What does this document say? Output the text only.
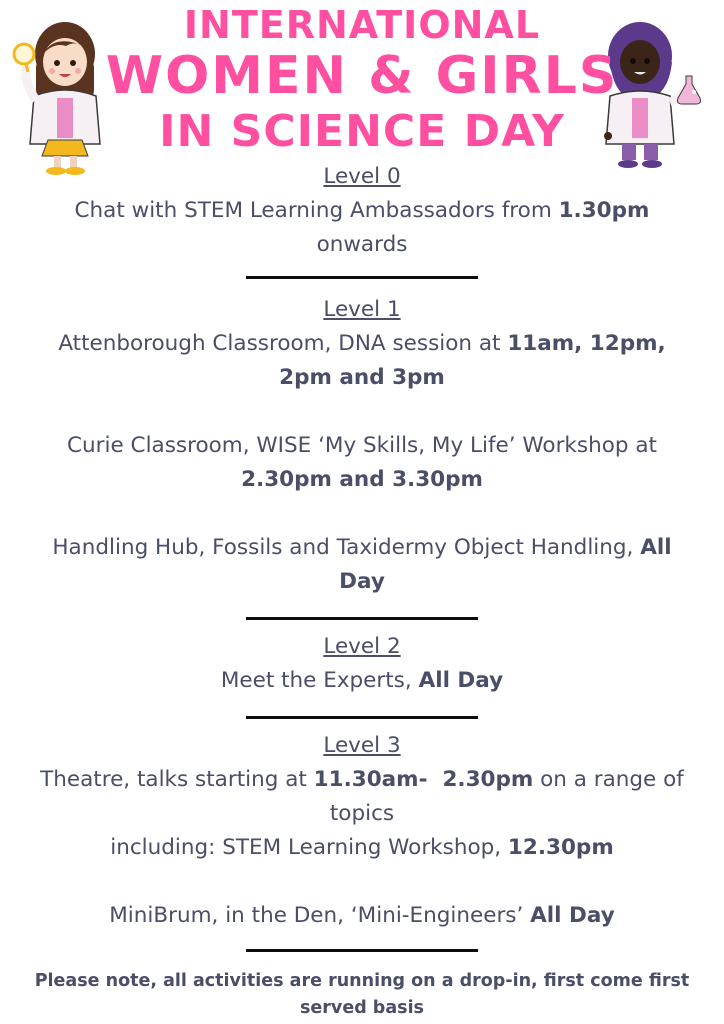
INTERNATIONAL
WOMEN & GIRLS
IN SCIENCE DAY
Level 0
Chat with STEM Learning Ambassadors from 1.30pm
onwards
Level 1
Attenborough Classroom, DNA session at 11am, 12pm,
2pm and 3pm
Curie Classroom, WISE ‘My Skills, My Life’ Workshop at
2.30pm and 3.30pm
Handling Hub, Fossils and Taxidermy Object Handling, All
Day
Level 2
Meet the Experts, All Day
Level 3
Theatre, talks starting at 11.30am-  2.30pm on a range of
topics
including: STEM Learning Workshop, 12.30pm
MiniBrum, in the Den, ‘Mini-Engineers’ All Day
Please note, all activities are running on a drop-in, first come first served basis
